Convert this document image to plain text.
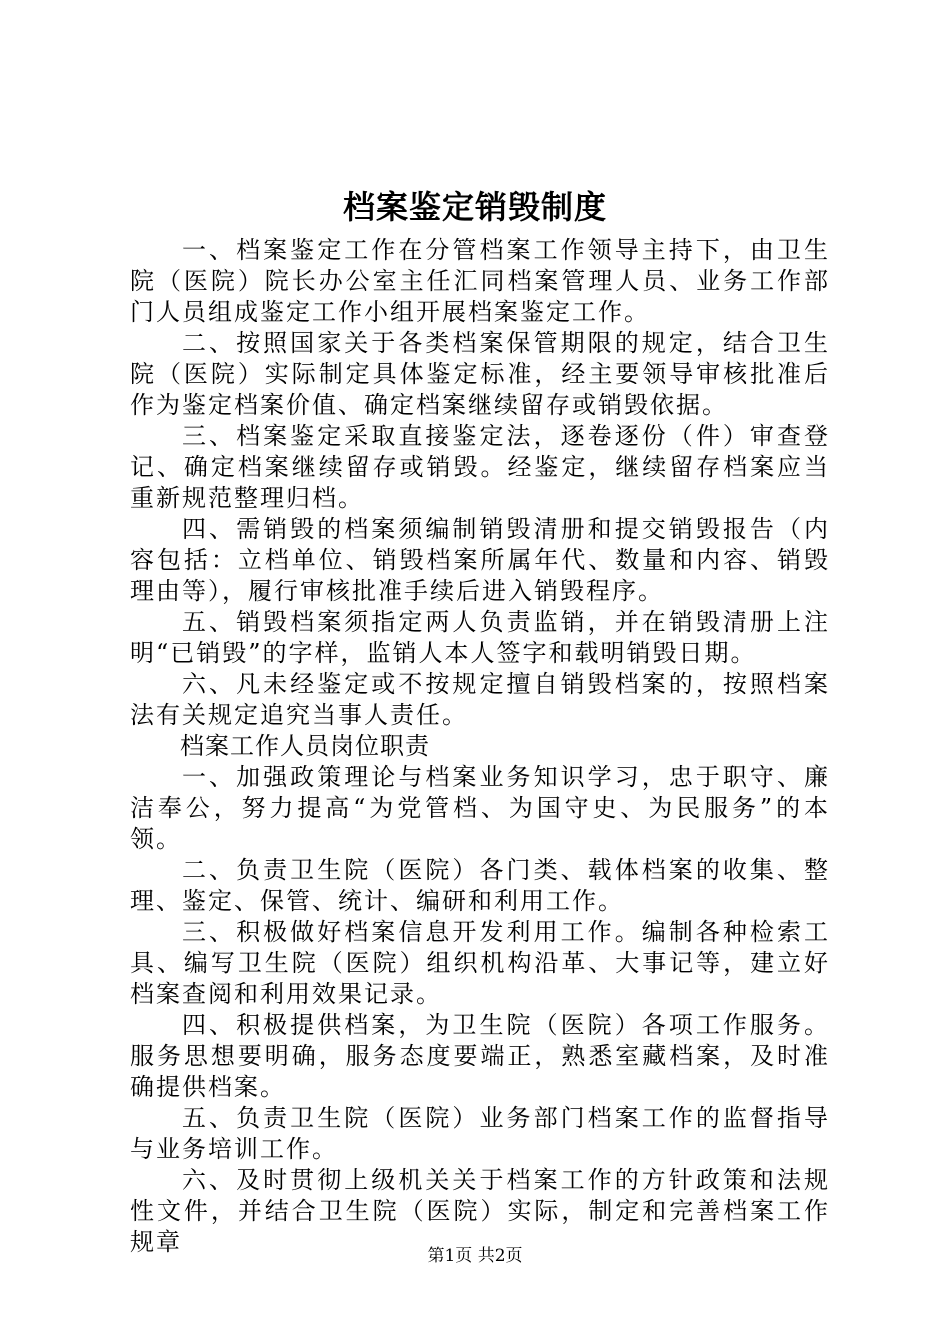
档案鉴定销毁制度

一、档案鉴定工作在分管档案工作领导主持下，由卫生院（医院）院长办公室主任汇同档案管理人员、业务工作部门人员组成鉴定工作小组开展档案鉴定工作。

二、按照国家关于各类档案保管期限的规定，结合卫生院（医院）实际制定具体鉴定标准，经主要领导审核批准后作为鉴定档案价值、确定档案继续留存或销毁依据。

三、档案鉴定采取直接鉴定法，逐卷逐份（件）审查登记、确定档案继续留存或销毁。经鉴定，继续留存档案应当重新规范整理归档。

四、需销毁的档案须编制销毁清册和提交销毁报告（内容包括：立档单位、销毁档案所属年代、数量和内容、销毁理由等），履行审核批准手续后进入销毁程序。

五、销毁档案须指定两人负责监销，并在销毁清册上注明“已销毁”的字样，监销人本人签字和载明销毁日期。

六、凡未经鉴定或不按规定擅自销毁档案的，按照档案法有关规定追究当事人责任。

档案工作人员岗位职责

一、加强政策理论与档案业务知识学习，忠于职守、廉洁奉公，努力提高“为党管档、为国守史、为民服务”的本领。

二、负责卫生院（医院）各门类、载体档案的收集、整理、鉴定、保管、统计、编研和利用工作。

三、积极做好档案信息开发利用工作。编制各种检索工具、编写卫生院（医院）组织机构沿革、大事记等，建立好档案查阅和利用效果记录。

四、积极提供档案，为卫生院（医院）各项工作服务。服务思想要明确，服务态度要端正，熟悉室藏档案，及时准确提供档案。

五、负责卫生院（医院）业务部门档案工作的监督指导与业务培训工作。

六、及时贯彻上级机关关于档案工作的方针政策和法规性文件，并结合卫生院（医院）实际，制定和完善档案工作规章	第1页 共2页
